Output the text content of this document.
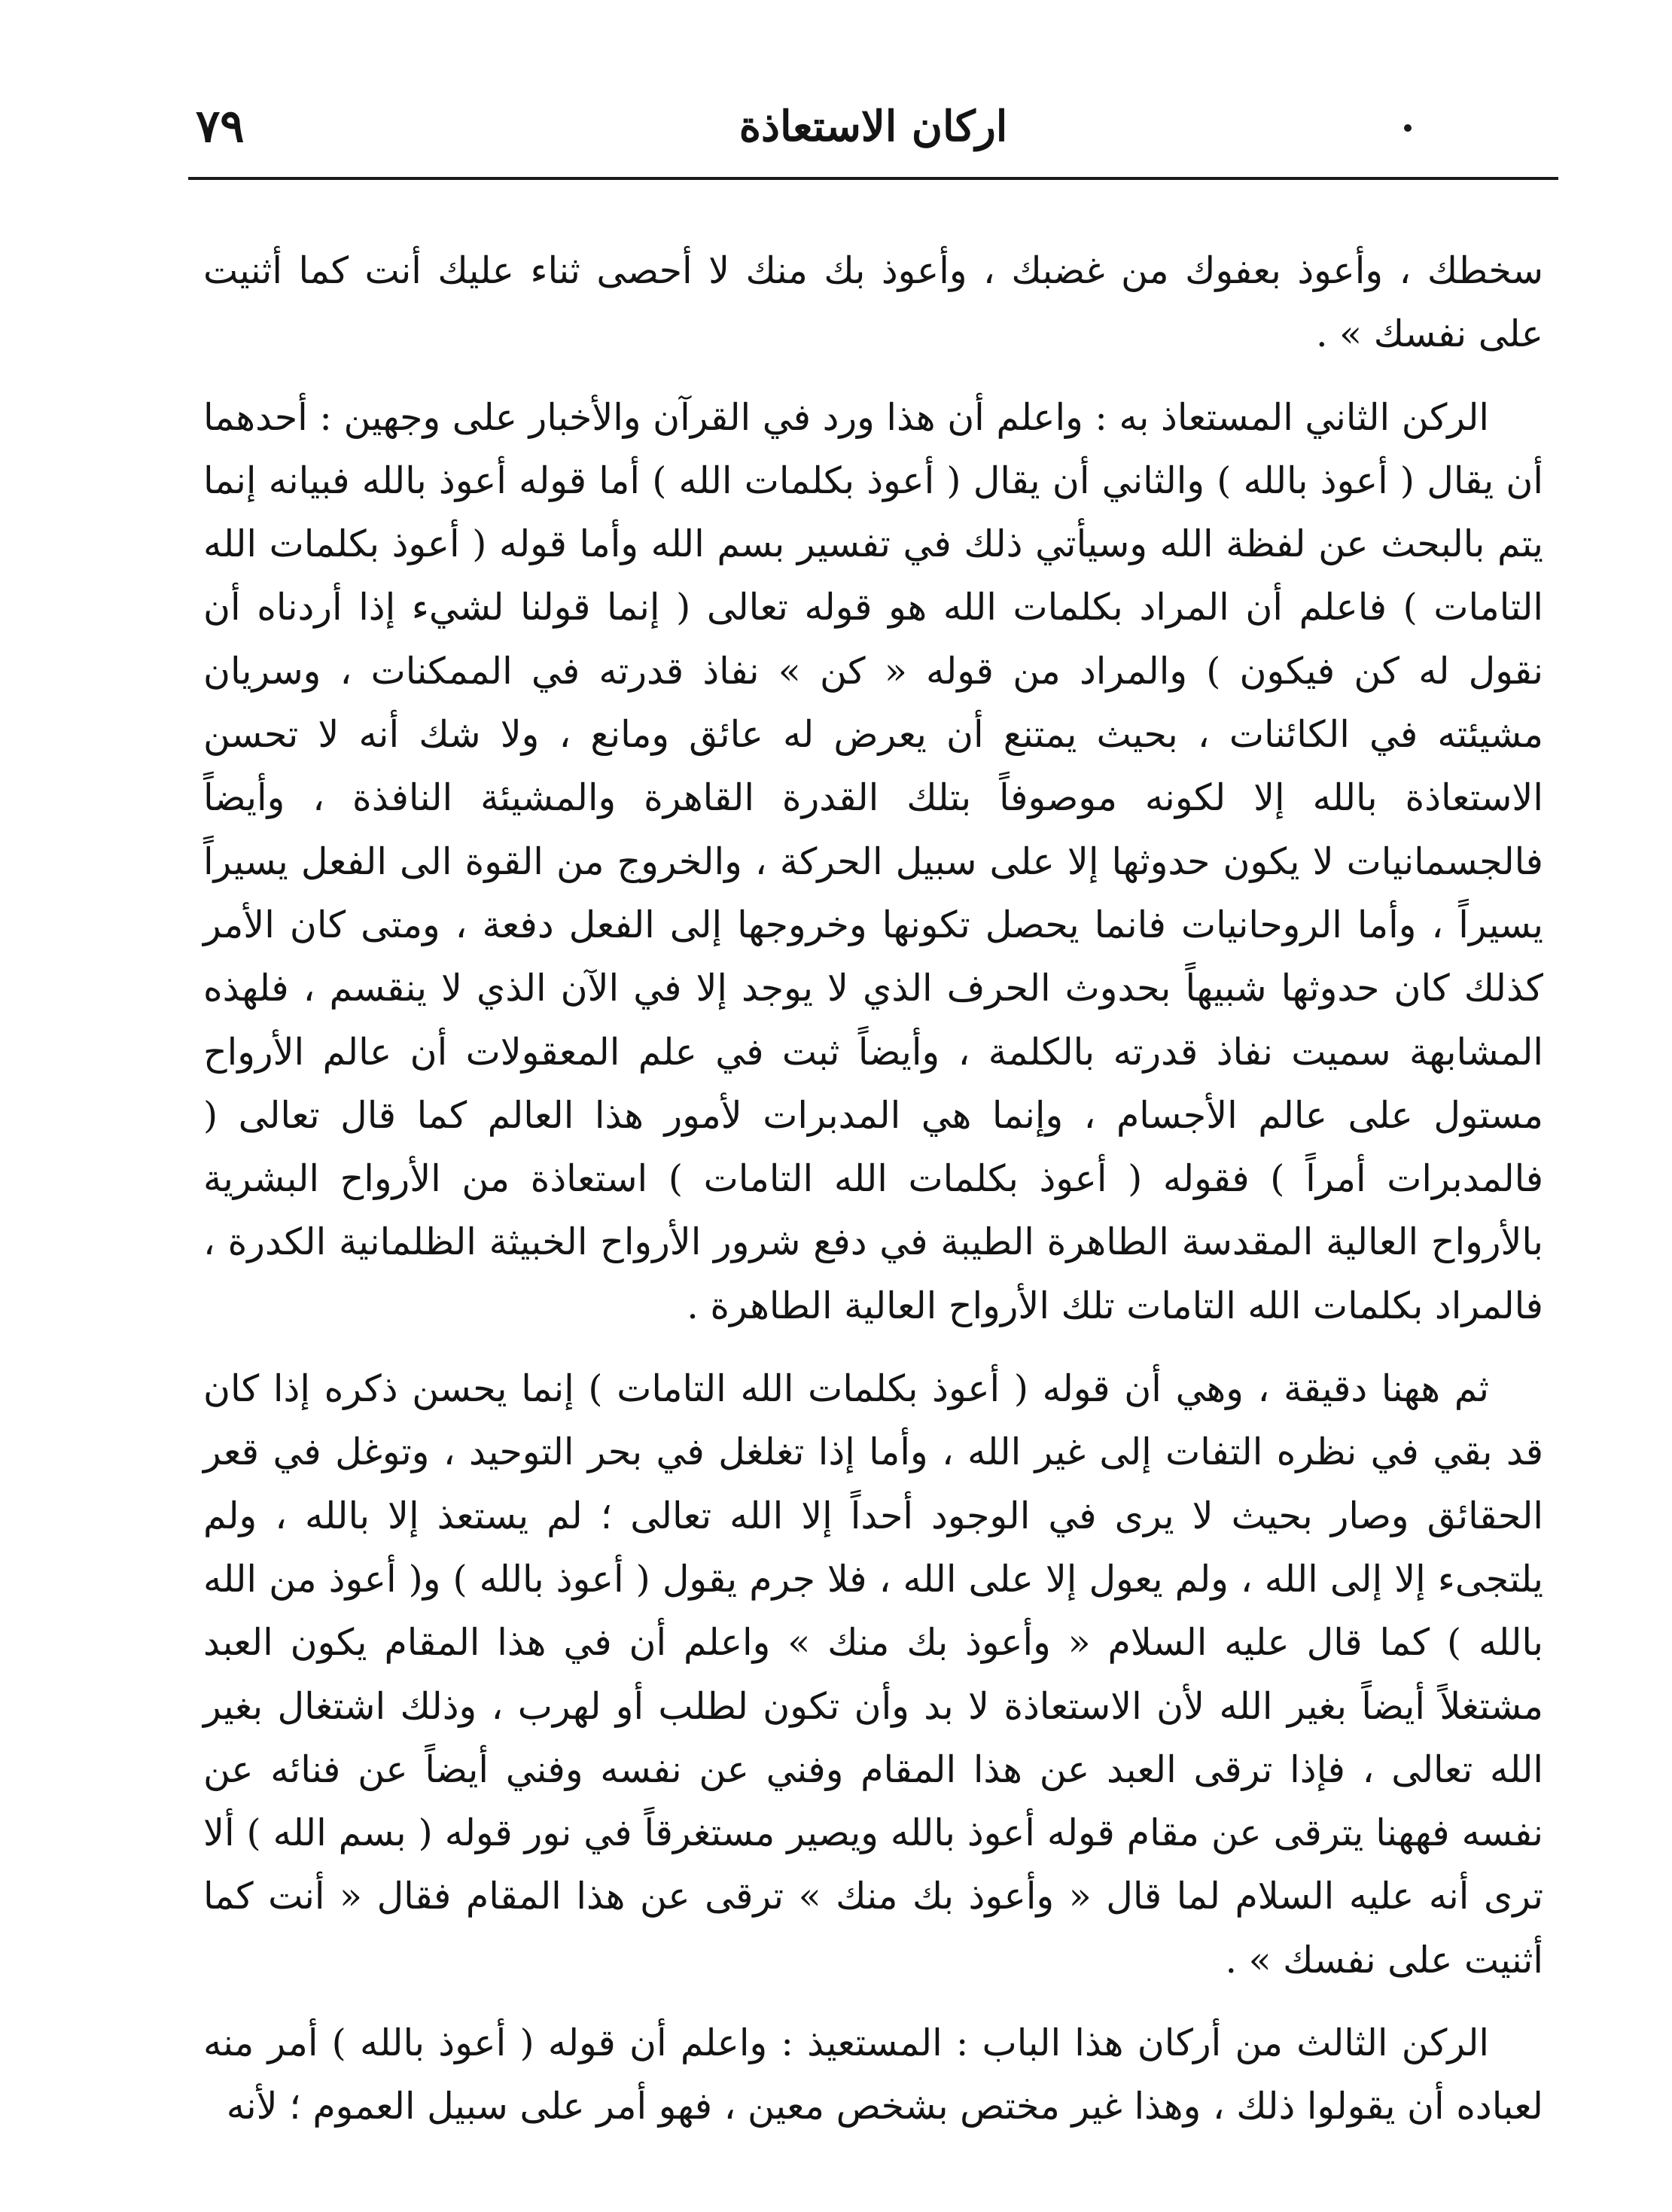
٧٩	اركان الاستعاذة

سخطك ، وأعوذ بعفوك من غضبك ، وأعوذ بك منك لا أحصى ثناء عليك أنت كما أثنيت على نفسك » .

الركن الثاني المستعاذ به : واعلم أن هذا ورد في القرآن والأخبار على وجهين : أحدهما أن يقال ( أعوذ بالله ) والثاني أن يقال ( أعوذ بكلمات الله ) أما قوله أعوذ بالله فبيانه إنما يتم بالبحث عن لفظة الله وسيأتي ذلك في تفسير بسم الله وأما قوله ( أعوذ بكلمات الله التامات ) فاعلم أن المراد بكلمات الله هو قوله تعالى ( إنما قولنا لشيء إذا أردناه أن نقول له كن فيكون ) والمراد من قوله « كن » نفاذ قدرته في الممكنات ، وسريان مشيئته في الكائنات ، بحيث يمتنع أن يعرض له عائق ومانع ، ولا شك أنه لا تحسن الاستعاذة بالله إلا لكونه موصوفاً بتلك القدرة القاهرة والمشيئة النافذة ، وأيضاً فالجسمانيات لا يكون حدوثها إلا على سبيل الحركة ، والخروج من القوة الى الفعل يسيراً يسيراً ، وأما الروحانيات فانما يحصل تكونها وخروجها إلى الفعل دفعة ، ومتى كان الأمر كذلك كان حدوثها شبيهاً بحدوث الحرف الذي لا يوجد إلا في الآن الذي لا ينقسم ، فلهذه المشابهة سميت نفاذ قدرته بالكلمة ، وأيضاً ثبت في علم المعقولات أن عالم الأرواح مستول على عالم الأجسام ، وإنما هي المدبرات لأمور هذا العالم كما قال تعالى ( فالمدبرات أمراً ) فقوله ( أعوذ بكلمات الله التامات ) استعاذة من الأرواح البشرية بالأرواح العالية المقدسة الطاهرة الطيبة في دفع شرور الأرواح الخبيثة الظلمانية الكدرة ، فالمراد بكلمات الله التامات تلك الأرواح العالية الطاهرة .

ثم ههنا دقيقة ، وهي أن قوله ( أعوذ بكلمات الله التامات ) إنما يحسن ذكره إذا كان قد بقي في نظره التفات إلى غير الله ، وأما إذا تغلغل في بحر التوحيد ، وتوغل في قعر الحقائق وصار بحيث لا يرى في الوجود أحداً إلا الله تعالى ؛ لم يستعذ إلا بالله ، ولم يلتجىء إلا إلى الله ، ولم يعول إلا على الله ، فلا جرم يقول ( أعوذ بالله ) و( أعوذ من الله بالله ) كما قال عليه السلام « وأعوذ بك منك » واعلم أن في هذا المقام يكون العبد مشتغلاً أيضاً بغير الله لأن الاستعاذة لا بد وأن تكون لطلب أو لهرب ، وذلك اشتغال بغير الله تعالى ، فإذا ترقى العبد عن هذا المقام وفني عن نفسه وفني أيضاً عن فنائه عن نفسه فههنا يترقى عن مقام قوله أعوذ بالله ويصير مستغرقاً في نور قوله ( بسم الله ) ألا ترى أنه عليه السلام لما قال « وأعوذ بك منك » ترقى عن هذا المقام فقال « أنت كما أثنيت على نفسك » .

الركن الثالث من أركان هذا الباب : المستعيذ : واعلم أن قوله ( أعوذ بالله ) أمر منه لعباده أن يقولوا ذلك ، وهذا غير مختص بشخص معين ، فهو أمر على سبيل العموم ؛ لأنه
